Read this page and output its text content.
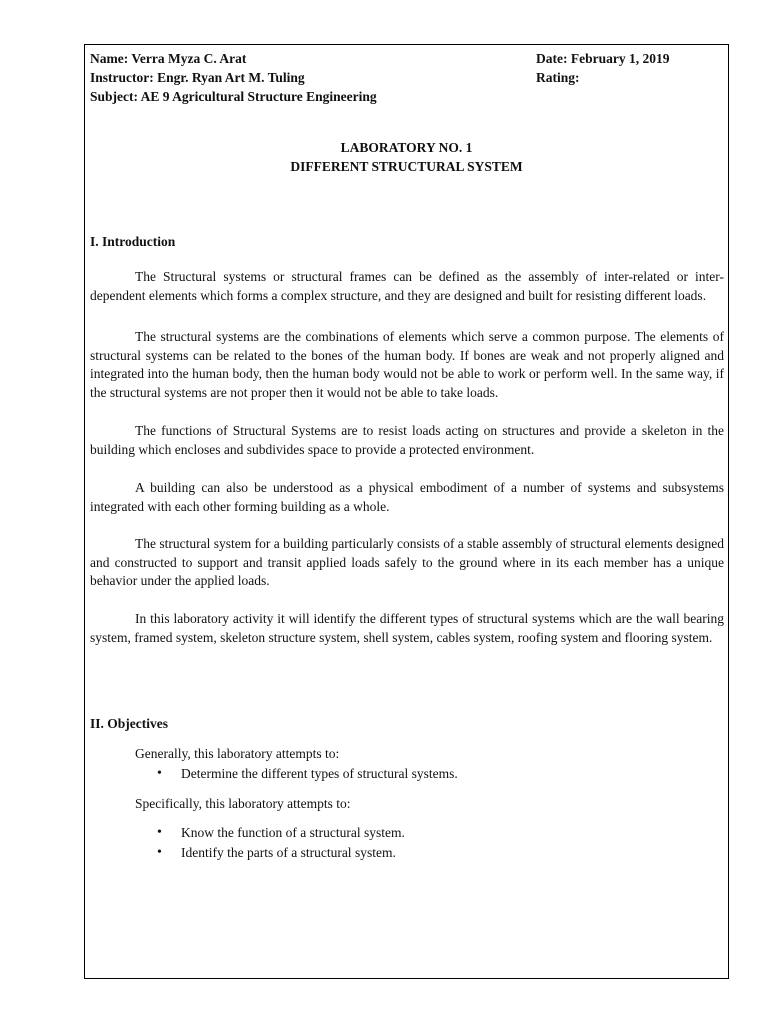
Name: Verra Myza C. Arat	Date: February 1, 2019
Instructor: Engr. Ryan Art M. Tuling	Rating:
Subject: AE 9 Agricultural Structure Engineering
LABORATORY NO. 1
DIFFERENT STRUCTURAL SYSTEM
I. Introduction

The Structural systems or structural frames can be defined as the assembly of inter-related or inter-dependent elements which forms a complex structure, and they are designed and built for resisting different loads.

The structural systems are the combinations of elements which serve a common purpose. The elements of structural systems can be related to the bones of the human body. If bones are weak and not properly aligned and integrated into the human body, then the human body would not be able to work or perform well. In the same way, if the structural systems are not proper then it would not be able to take loads.

The functions of Structural Systems are to resist loads acting on structures and provide a skeleton in the building which encloses and subdivides space to provide a protected environment.

A building can also be understood as a physical embodiment of a number of systems and subsystems integrated with each other forming building as a whole.

The structural system for a building particularly consists of a stable assembly of structural elements designed and constructed to support and transit applied loads safely to the ground where in its each member has a unique behavior under the applied loads.

In this laboratory activity it will identify the different types of structural systems which are the wall bearing system, framed system, skeleton structure system, shell system, cables system, roofing system and flooring system.

II. Objectives
Generally, this laboratory attempts to:
• Determine the different types of structural systems.
Specifically, this laboratory attempts to:
• Know the function of a structural system.
• Identify the parts of a structural system.
